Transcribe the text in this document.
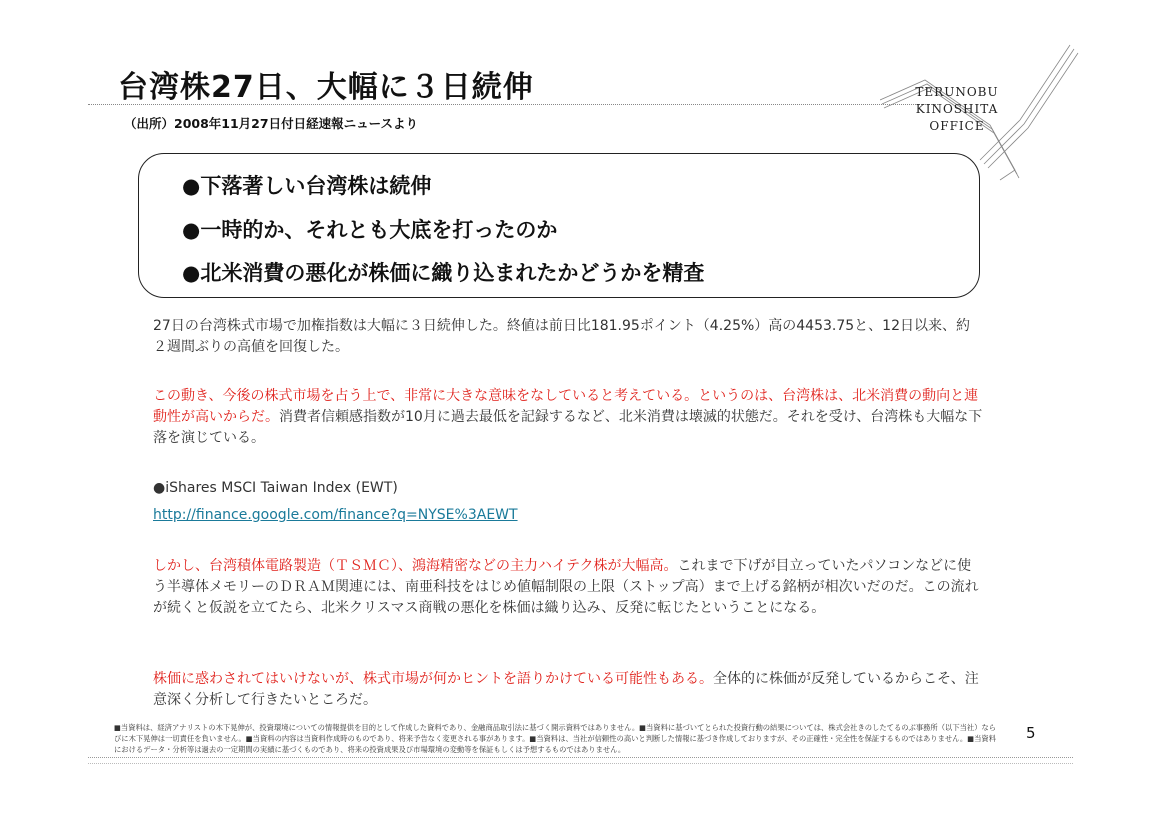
台湾株27日、大幅に３日続伸
（出所）2008年11月27日付日経速報ニュースより
TERUNOBU
KINOSHITA
OFFICE
●下落著しい台湾株は続伸
●一時的か、それとも大底を打ったのか
●北米消費の悪化が株価に織り込まれたかどうかを精査
27日の台湾株式市場で加権指数は大幅に３日続伸した。終値は前日比181.95ポイント（4.25%）高の4453.75と、12日以来、約２週間ぶりの高値を回復した。
この動き、今後の株式市場を占う上で、非常に大きな意味をなしていると考えている。というのは、台湾株は、北米消費の動向と連動性が高いからだ。消費者信頼感指数が10月に過去最低を記録するなど、北米消費は壊滅的状態だ。それを受け、台湾株も大幅な下落を演じている。
●iShares MSCI Taiwan Index (EWT)
http://finance.google.com/finance?q=NYSE%3AEWT
しかし、台湾積体電路製造（ＴＳＭＣ）、鴻海精密などの主力ハイテク株が大幅高。これまで下げが目立っていたパソコンなどに使う半導体メモリーのＤＲＡＭ関連には、南亜科技をはじめ値幅制限の上限（ストップ高）まで上げる銘柄が相次いだのだ。この流れが続くと仮説を立てたら、北米クリスマス商戦の悪化を株価は織り込み、反発に転じたということになる。
株価に惑わされてはいけないが、株式市場が何かヒントを語りかけている可能性もある。全体的に株価が反発しているからこそ、注意深く分析して行きたいところだ。
■当資料は、経済アナリストの木下晃伸が、投資環境についての情報提供を目的として作成した資料であり、金融商品取引法に基づく開示資料ではありません。■当資料に基づいてとられた投資行動の結果については、株式会社きのしたてるのぶ事務所（以下当社）ならびに木下晃伸は一切責任を負いません。■当資料の内容は当資料作成時のものであり、将来予告なく変更される事があります。■当資料は、当社が信頼性の高いと判断した情報に基づき作成しておりますが、その正確性・完全性を保証するものではありません。■当資料におけるデータ・分析等は過去の一定期間の実績に基づくものであり、将来の投資成果及び市場環境の変動等を保証もしくは予想するものではありません。
5
